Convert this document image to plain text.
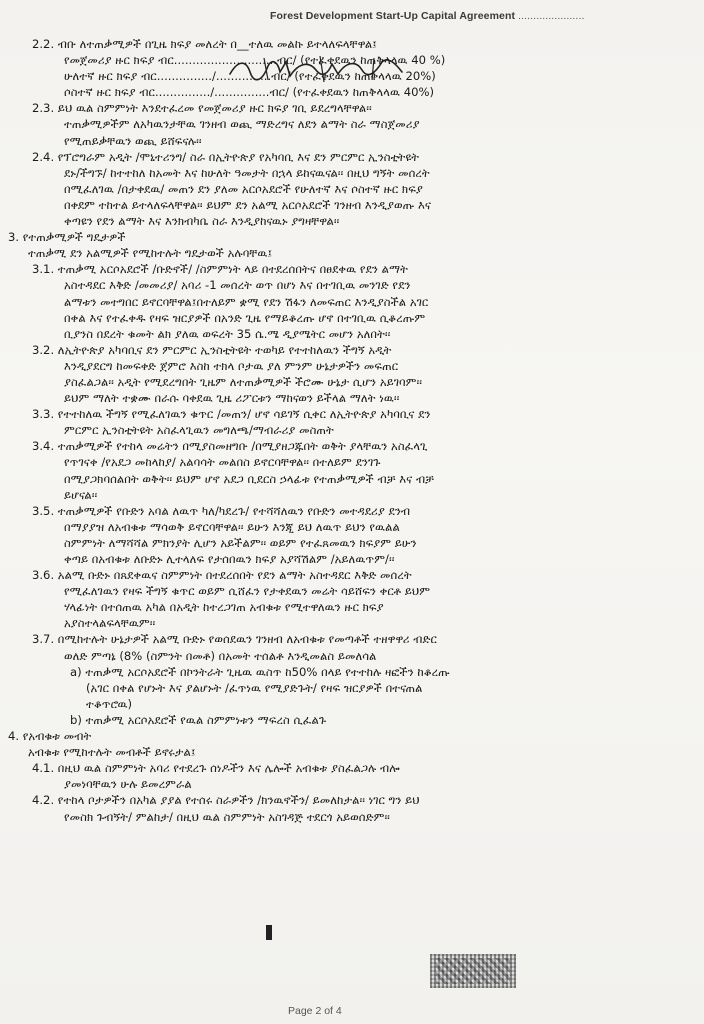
Forest Development Start-Up Capital Agreement ......................
2.2. ብቡ ለተጠቃሚዎች በጊዜ ክፍያ መለረት በ__ተለዉ መልኩ ይተላለፍላቸዋል፤
የመጀመሪያ ዙር ክፍያ ብር............................ብር/ (የተፈቀደዉን ከጠቅላላዉ 40 %)
ሁለተኛ ዙር ክፍያ ብር.............../...............ብር/ (የተፈቀደዉን ከጠቅላላዉ 20%)
ሶስተኛ ዙር ክፍያ ብር.............../...............ብር/ (የተፈቀደዉን ከጠቅላላዉ 40%)
2.3. ይህ ዉል ስምምነት እንደተፈረመ የመጀመሪያ ዙር ክፍያ ገቢ ይደረግላቸዋል፡፡
ተጠቃሚዎችም ለአካዉንታቸዉ ገንዘብ ወጪ ማድረግና ለደን ልማት ስራ ማስጀመሪያ
የሚጠይቃቸዉን ወጪ ይሸፍናሉ፡፡
2.4. የፕሮግራም አዲት /ሞኒተሪንግ/ ስራ በኢትዮጵያ የአካባቢ እና ደን ምርምር ኢንስቲትዩት
ደኑ/ችግኙ/ ከተተከለ ከአመት እና ከሁለት ዓመታት በኋላ ይከናዉናል፡፡ በዚህ ግኝት መሰረት
በሚፈለገዉ /በታቀደዉ/ መጠን ደን ያለመ አርሶአደሮች የሁለተኛ እና ሶስተኛ ዙር ክፍያ
በቀደም ተከተል ይተላለፍላቸዋል፡፡ ይህም ደን አልሚ አርሶአደሮች ገንዘብ እንዲያወጡ እና
ቀጣዩን የደን ልማት እና እንክብካቤ ስራ እንዲያከናዉኑ ያግዛቸዋል፡፡
3. የተጠቃሚዎች ግዴታዎች
ተጠቃሚ ደን አልሚዎች የሚከተሉት ግዴታወች አሉባቸዉ፤
3.1. ተጠቃሚ አርሶአደሮች /ቡድኖች/ /ስምምነት ላይ በተደረሰበትና በፀደቀዉ የደን ልማት
አስተዳደር እቅድ /መመሪያ/ አባሪ -1 መሰረት ወጥ በሆነ እና በተገቢዉ መንገድ የደን
ልማቱን መተግበር ይኖርባቸዋል፤በተለይም ቋሚ የደን ሽፋን ለመፍጠር እንዲያስችል አገር
በቀል እና የተፈቀዱ የዛፍ ዝርያዎች በአንድ ጊዜ የማይቆረጡ ሆኖ በተገቢዉ ሲቆረጡም
ቢያንስ በደረት ቁመት ልክ ያለዉ ወፍረት 35 ሴ.ሜ ዲያሜትር መሆን አለበት፡፡
3.2. ለኢትዮጵያ አካባቢና ደን ምርምር ኢንስቲትዩት ተወካይ የተተከለዉን ችግኝ አዲት
እንዲያደርግ ከመፍቀድ ጀምሮ እስከ ተክላ ቦታዉ ያለ ምንም ሁኔታዎችን መፍጠር
ያስፈልጋል፡፡ አዲት የሚደረግበት ጊዜም ለተጠቃሚዎች ችሮሙ ሁኔታ ሲሆን አይገባም፡፡
ይህም ማለት ተቋሙ በራሱ ባቀደዉ ጊዜ ሪፖርቱን ማከናወን ይችላል ማለት ነዉ፡፡
3.3. የተተከለዉ ችግኝ የሚፈለገዉን ቁጥር /መጠን/ ሆኖ ሳይገኝ ሲቀር ለኢትዮጵያ አካባቢና ደን
ምርምር ኢንስቲትዩት አስፈላጊዉን መግለጫ/ማብራሪያ መስጠት
3.4. ተጠቃሚዎች የተከላ መሬትን በሚያስመዘግቡ /በሚያዘጋጁበት ወቅት ያላቸዉን አስፈላጊ
የጥገናቀ /የአደጋ መከላከያ/ አልባሳት መልበስ ይኖርባቸዋል፡፡ በተለይም ደንገጉ
በሚያጋክባሰልበት ወቅት፡፡ ይህም ሆኖ አደጋ ቢደርስ ኃላፊቱ የተጠቃሚዎች ብቻ እና ብቻ
ይሆናል፡፡
3.5. ተጠቃሚዎች የቡድን አባል ለዉጥ ካለ/ካደረጉ/ የተሻሻለዉን የቡድን መተዳደሪያ ደንብ
በማያያዝ ለአብቁቱ ማሳወቅ ይኖርባቸዋል፡፡ ይሁን እንጂ ይህ ለዉጥ ይህን የዉልል
ስምምነት ለማሻሻል ምክንያት ሊሆን አይችልም፡፡ ወይም የተፈጸመዉን ክፍያም ይሁን
ቀጣይ በአብቁቱ ለቡድኑ ሊተላለፍ የታሰበዉን ክፍያ አያሻሽልም /አይለዉጥም/፡፡
3.6. አልሚ ቡድኑ በጸደቀዉና ስምምነት በተደረሰበት የደን ልማት አስተዳደር እቅድ መሰረት
የሚፈለገዉን የዛፍ ችግኝ ቁጥር ወይም ሲሸፈን የታቀደዉን መሬት ሳይሸፍን ቀርቶ ይህም
ሃላፊነት በተሰጠዉ አካል በአዲት ከተረጋገጠ አብቁቱ የሚተዋለዉን ዙር ክፍያ
አያስተላልፍላቸዉም፡፡
3.7. በሚከተሉት ሁኔታዎች አልሚ ቡድኑ የወሰደዉን ገንዘብ ለአብቁቱ የመጣቶች ተዘዋዋሪ ብድር
ወለድ ምጣኔ (8% (ስምንት በመቶ) በአመት ተሰልቶ እንዲመልስ ይመለሳል
a) ተጠቃሚ አርሶአደሮች በኮንትራት ጊዜዉ ዉስጥ ከ50% በላይ የተተከሉ ዛፎችን ከቆረጡ
(አገር በቀል የሆኑት እና ያልሆኑት /ፈጥነዉ የሚያድጉት/ የዛፍ ዝርያዎች በተናጠል
ተቆጥሮዉ)
b) ተጠቃሚ አርሶአደሮች የዉል ስምምነቱን ማፍረስ ሲፈልጉ
4. የአብቁቱ መብት
አብቁቱ የሚከተሉት መብቶች ይኖሩታል፤
4.1. በዚህ ዉል ስምምነት አባሪ የተደረጉ ሰነዶችን እና ሌሎች አብቁቱ ያስፈልጋሉ ብሎ
ያመነባቸዉን ሁሉ ይመረምራል
4.2. የተከላ ቦታዎችን በአካል ያያል የተሰሩ ስራዎችን /ክንዉኖችን/ ይመለከታል፡፡ ነገር ግን ይህ
የመስክ ጉብኝት/ ምልከታ/ በዚህ ዉል ስምምነት አስገዳጅ ተደርጎ አይወሰድም፡፡
Page 2 of 4
